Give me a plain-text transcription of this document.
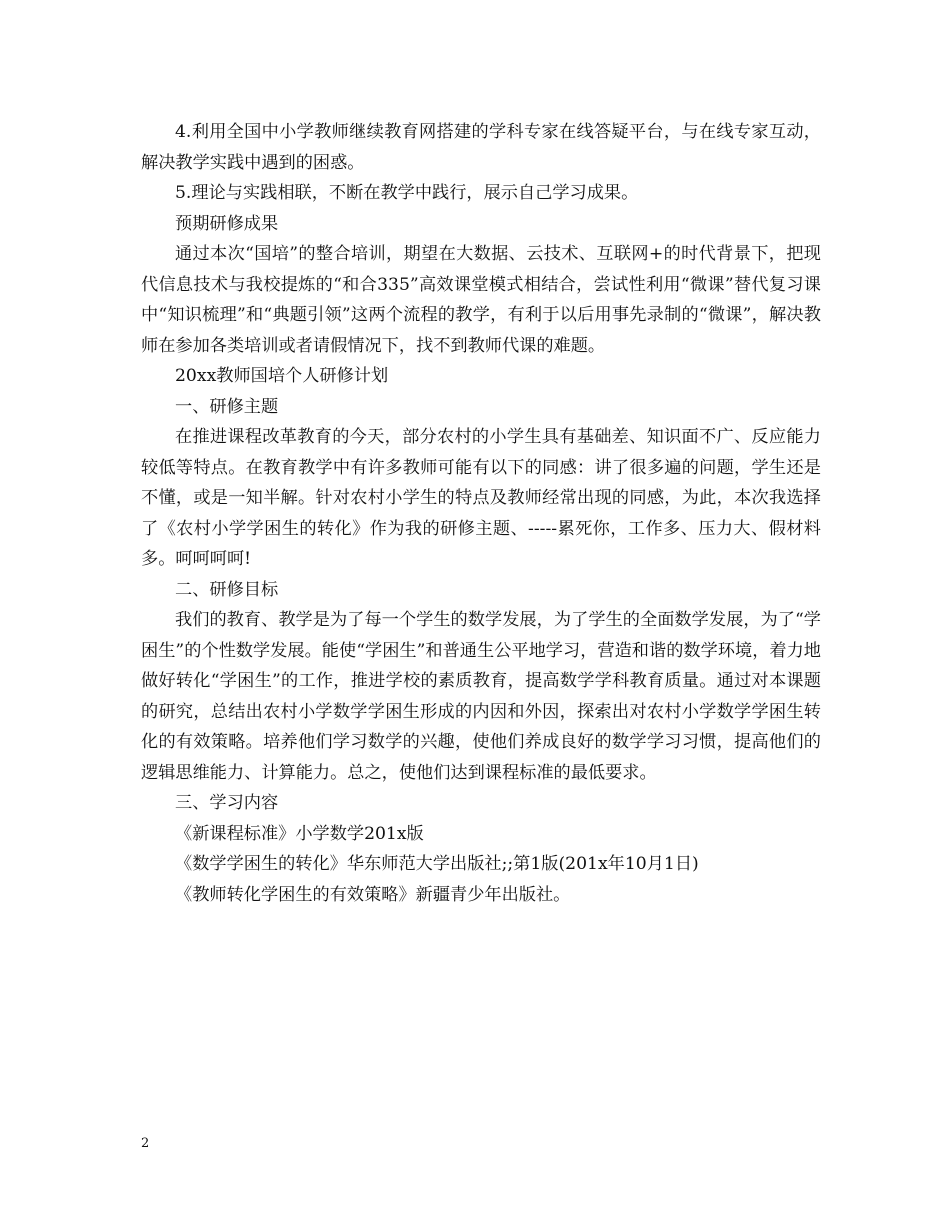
4.利用全国中小学教师继续教育网搭建的学科专家在线答疑平台，与在线专家互动，解决教学实践中遇到的困惑。

5.理论与实践相联，不断在教学中践行，展示自己学习成果。

预期研修成果

通过本次“国培”的整合培训，期望在大数据、云技术、互联网+的时代背景下，把现代信息技术与我校提炼的“和合335”高效课堂模式相结合，尝试性利用“微课”替代复习课中“知识梳理”和“典题引领”这两个流程的教学，有利于以后用事先录制的“微课”，解决教师在参加各类培训或者请假情况下，找不到教师代课的难题。

20xx教师国培个人研修计划

一、研修主题

在推进课程改革教育的今天，部分农村的小学生具有基础差、知识面不广、反应能力较低等特点。在教育教学中有许多教师可能有以下的同感：讲了很多遍的问题，学生还是不懂，或是一知半解。针对农村小学生的特点及教师经常出现的同感，为此，本次我选择了《农村小学学困生的转化》作为我的研修主题、-----累死你，工作多、压力大、假材料多。呵呵呵呵!

二、研修目标

我们的教育、教学是为了每一个学生的数学发展，为了学生的全面数学发展，为了“学困生”的个性数学发展。能使“学困生”和普通生公平地学习，营造和谐的数学环境，着力地做好转化“学困生”的工作，推进学校的素质教育，提高数学学科教育质量。通过对本课题的研究，总结出农村小学数学学困生形成的内因和外因，探索出对农村小学数学学困生转化的有效策略。培养他们学习数学的兴趣，使他们养成良好的数学学习习惯，提高他们的逻辑思维能力、计算能力。总之，使他们达到课程标准的最低要求。

三、学习内容

《新课程标准》小学数学201x版

《数学学困生的转化》华东师范大学出版社;;第1版(201x年10月1日)

《教师转化学困生的有效策略》新疆青少年出版社。

2
